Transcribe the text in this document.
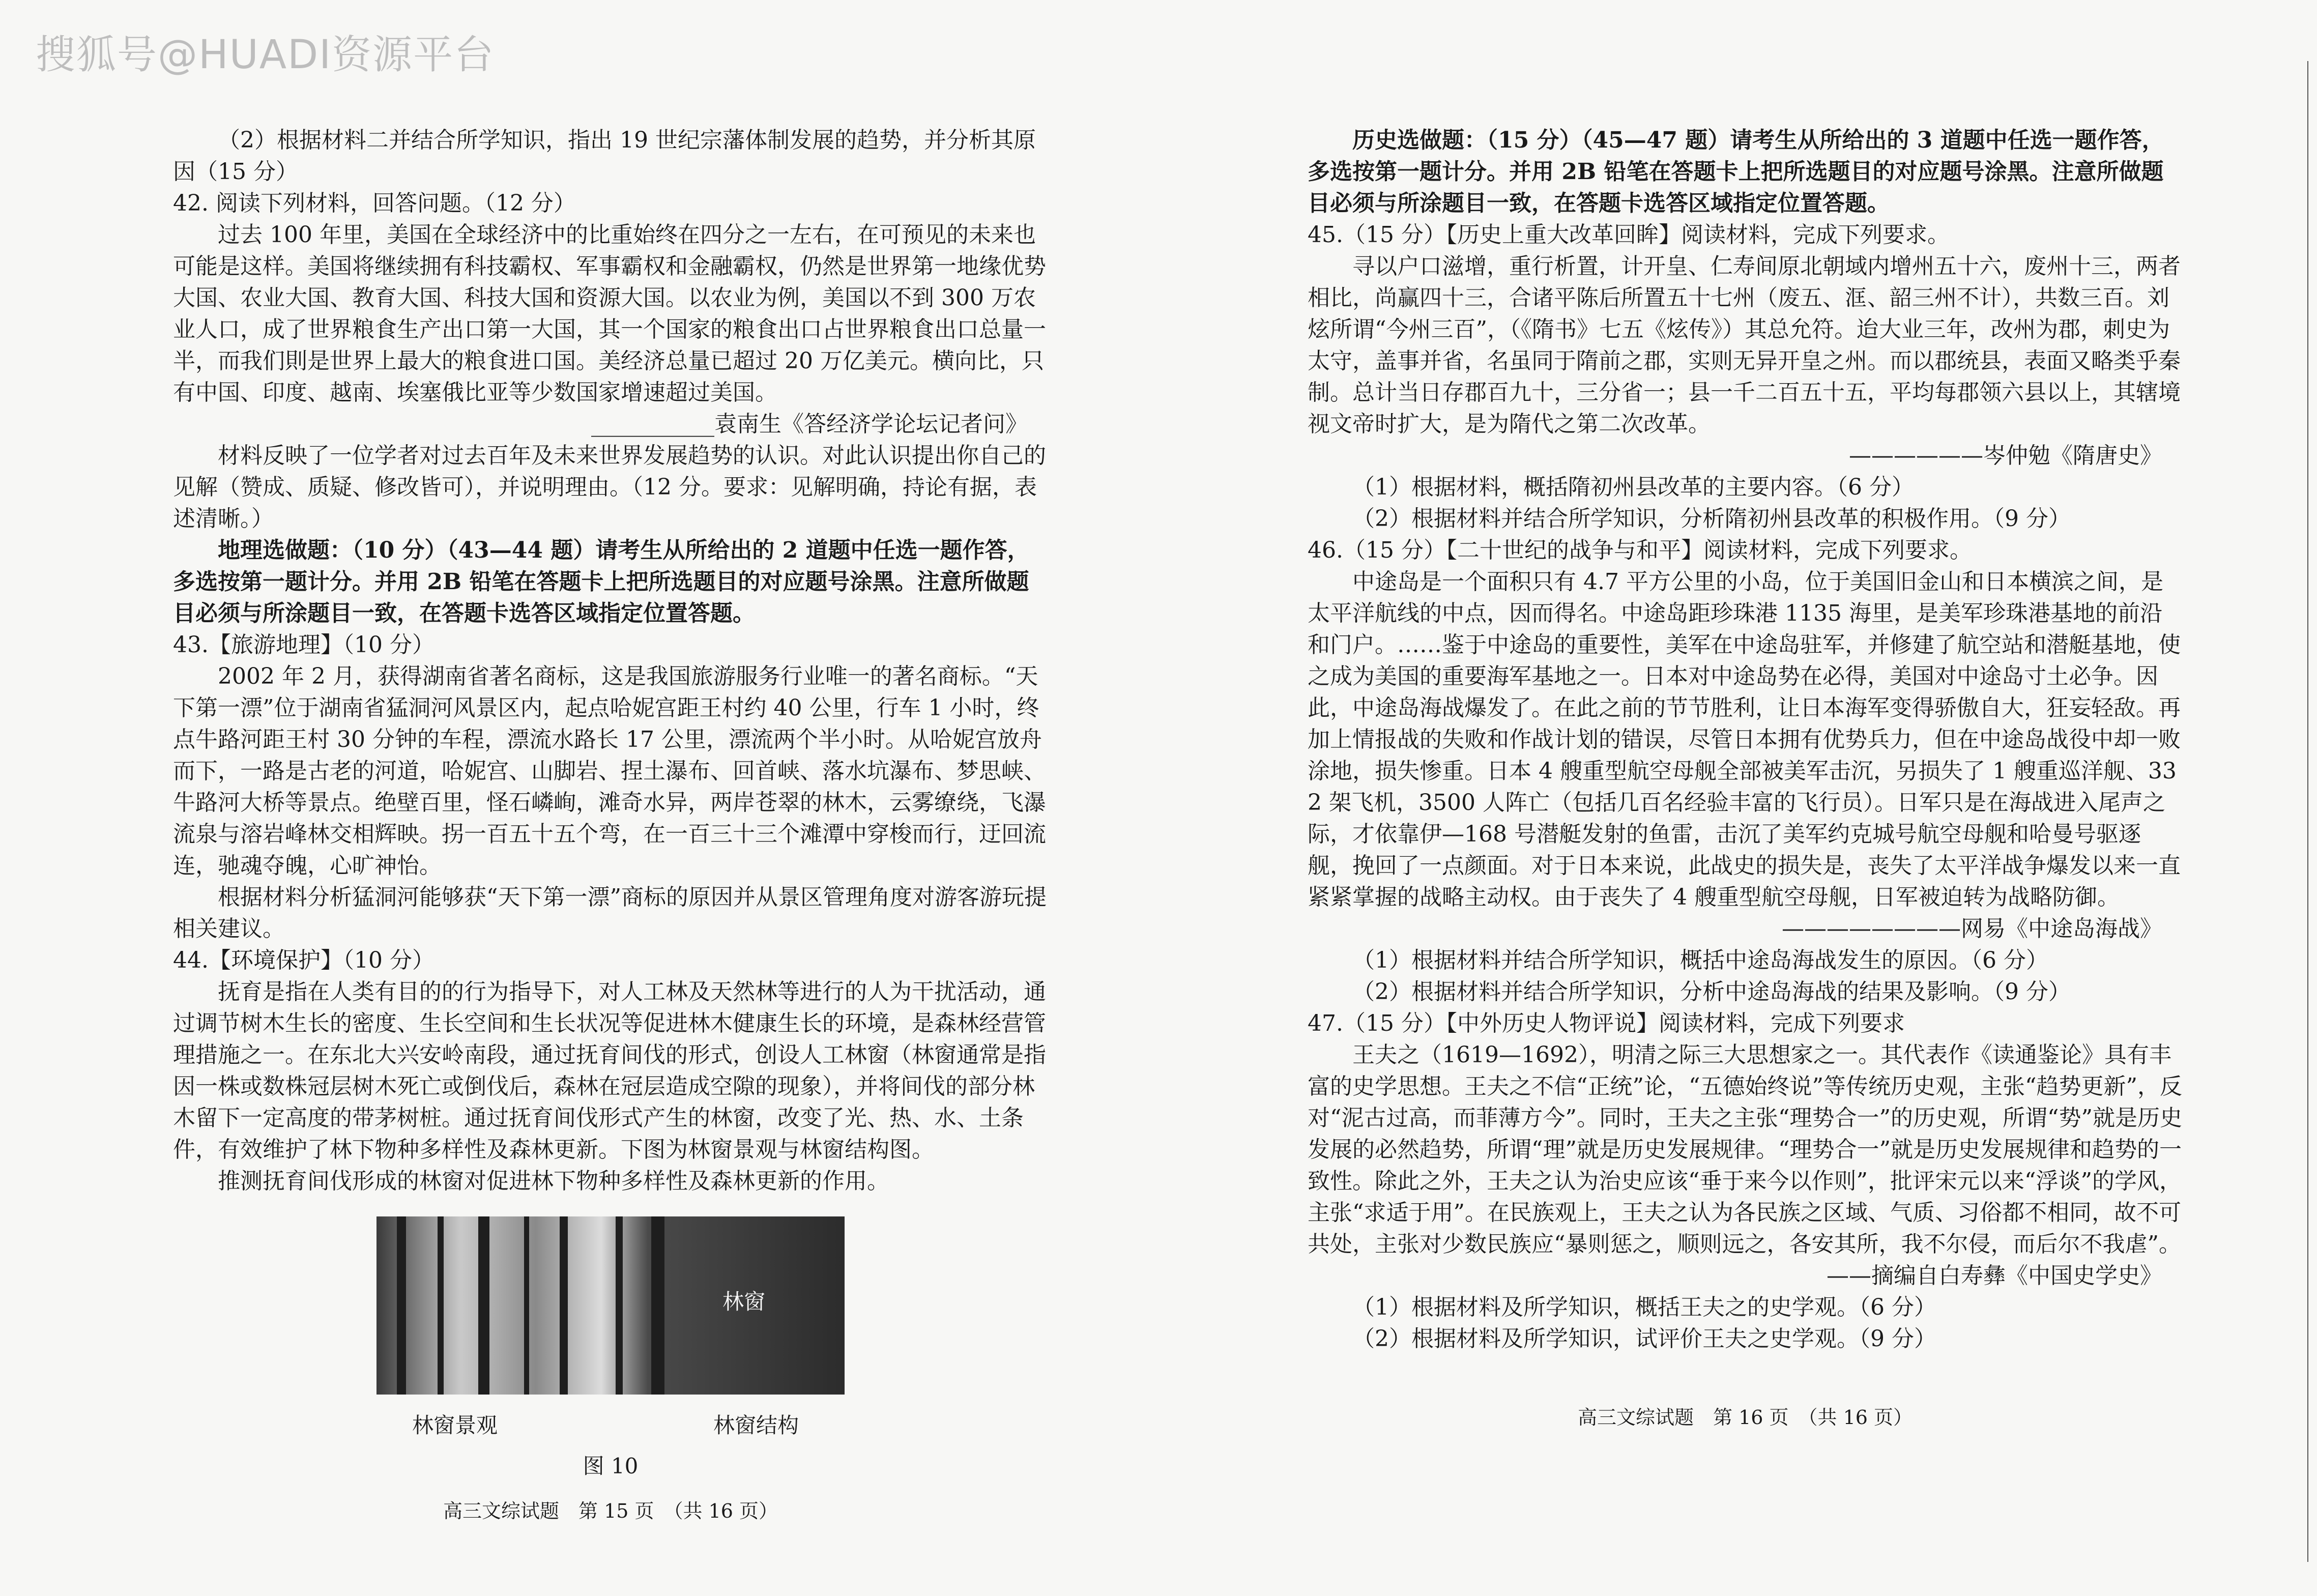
搜狐号@HUADI资源平台

（2）根据材料二并结合所学知识，指出 19 世纪宗藩体制发展的趋势，并分析其原因（15 分）

42. 阅读下列材料，回答问题。（12 分）

过去 100 年里，美国在全球经济中的比重始终在四分之一左右，在可预见的未来也可能是这样。美国将继续拥有科技霸权、军事霸权和金融霸权，仍然是世界第一地缘优势大国、农业大国、教育大国、科技大国和资源大国。以农业为例，美国以不到 300 万农业人口，成了世界粮食生产出口第一大国，其一个国家的粮食出口占世界粮食出口总量一半，而我们則是世界上最大的粮食进口国。美经济总量已超过 20 万亿美元。横向比，只有中国、印度、越南、埃塞俄比亚等少数国家增速超过美国。

___________袁南生《答经济学论坛记者问》

材料反映了一位学者对过去百年及未来世界发展趋势的认识。对此认识提出你自己的见解（赞成、质疑、修改皆可），并说明理由。（12 分。要求：见解明确，持论有据，表述清晰。）

地理选做题：（10 分）（43—44 题）请考生从所给出的 2 道题中任选一题作答，多选按第一题计分。并用 2B 铅笔在答题卡上把所选题目的对应题号涂黑。注意所做题目必须与所涂题目一致，在答题卡选答区域指定位置答题。

43.【旅游地理】（10 分）

2002 年 2 月，获得湖南省著名商标，这是我国旅游服务行业唯一的著名商标。“天下第一漂”位于湖南省猛洞河风景区内，起点哈妮宫距王村约 40 公里，行车 1 小时，终点牛路河距王村 30 分钟的车程，漂流水路长 17 公里，漂流两个半小时。从哈妮宫放舟而下，一路是古老的河道，哈妮宫、山脚岩、捏土瀑布、回首峡、落水坑瀑布、梦思峡、牛路河大桥等景点。绝壁百里，怪石嶙峋，滩奇水异，两岸苍翠的林木，云雾缭绕，飞瀑流泉与溶岩峰林交相辉映。拐一百五十五个弯，在一百三十三个滩潭中穿梭而行，迂回流连，驰魂夺魄，心旷神怡。

根据材料分析猛洞河能够获“天下第一漂”商标的原因并从景区管理角度对游客游玩提相关建议。

44.【环境保护】（10 分）

抚育是指在人类有目的的行为指导下，对人工林及天然林等进行的人为干扰活动，通过调节树木生长的密度、生长空间和生长状况等促进林木健康生长的环境，是森林经营管理措施之一。在东北大兴安岭南段，通过抚育间伐的形式，创设人工林窗（林窗通常是指因一株或数株冠层树木死亡或倒伐后，森林在冠层造成空隙的现象），并将间伐的部分林木留下一定高度的带茅树桩。通过抚育间伐形式产生的林窗，改变了光、热、水、土条件，有效维护了林下物种多样性及森林更新。下图为林窗景观与林窗结构图。

推测抚育间伐形成的林窗对促进林下物种多样性及森林更新的作用。

林窗
林窗景观	林窗结构
图 10
高三文综试题　第 15 页　（共 16 页）

历史选做题：（15 分）（45—47 题）请考生从所给出的 3 道题中任选一题作答，多选按第一题计分。并用 2B 铅笔在答题卡上把所选题目的对应题号涂黑。注意所做题目必须与所涂题目一致，在答题卡选答区域指定位置答题。

45.（15 分）【历史上重大改革回眸】阅读材料，完成下列要求。

寻以户口滋增，重行析置，计开皇、仁寿间原北朝域内增州五十六，废州十三，两者相比，尚赢四十三，合诸平陈后所置五十七州（废五、洭、韶三州不计），共数三百。刘炫所谓“今州三百”，（《隋书》七五《炫传》）其总允符。迨大业三年，改州为郡，刺史为太守，盖事并省，名虽同于隋前之郡，实则无异开皇之州。而以郡统县，表面又略类乎秦制。总计当日存郡百九十，三分省一；县一千二百五十五，平均每郡领六县以上，其辖境视文帝时扩大，是为隋代之第二次改革。

——————岑仲勉《隋唐史》

（1）根据材料，概括隋初州县改革的主要内容。（6 分）

（2）根据材料并结合所学知识，分析隋初州县改革的积极作用。（9 分）

46.（15 分）【二十世纪的战争与和平】阅读材料，完成下列要求。

中途岛是一个面积只有 4.7 平方公里的小岛，位于美国旧金山和日本横滨之间，是太平洋航线的中点，因而得名。中途岛距珍珠港 1135 海里，是美军珍珠港基地的前沿和门户。……鉴于中途岛的重要性，美军在中途岛驻军，并修建了航空站和潜艇基地，使之成为美国的重要海军基地之一。日本对中途岛势在必得，美国对中途岛寸土必争。因此，中途岛海战爆发了。在此之前的节节胜利，让日本海军变得骄傲自大，狂妄轻敌。再加上情报战的失败和作战计划的错误，尽管日本拥有优势兵力，但在中途岛战役中却一败涂地，损失惨重。日本 4 艘重型航空母舰全部被美军击沉，另损失了 1 艘重巡洋舰、332 架飞机，3500 人阵亡（包括几百名经验丰富的飞行员）。日军只是在海战进入尾声之际，才依靠伊—168 号潜艇发射的鱼雷，击沉了美军约克城号航空母舰和哈曼号驱逐舰，挽回了一点颜面。对于日本来说，此战史的损失是，丧失了太平洋战争爆发以来一直紧紧掌握的战略主动权。由于丧失了 4 艘重型航空母舰，日军被迫转为战略防御。

————————网易《中途岛海战》

（1）根据材料并结合所学知识，概括中途岛海战发生的原因。（6 分）

（2）根据材料并结合所学知识，分析中途岛海战的结果及影响。（9 分）

47.（15 分）【中外历史人物评说】阅读材料，完成下列要求

王夫之（1619—1692），明清之际三大思想家之一。其代表作《读通鉴论》具有丰富的史学思想。王夫之不信“正统”论，“五德始终说”等传统历史观，主张“趋势更新”，反对“泥古过高，而菲薄方今”。同时，王夫之主张“理势合一”的历史观，所谓“势”就是历史发展的必然趋势，所谓“理”就是历史发展规律。“理势合一”就是历史发展规律和趋势的一致性。除此之外，王夫之认为治史应该“垂于来今以作则”，批评宋元以来“浮谈”的学风，主张“求适于用”。在民族观上，王夫之认为各民族之区域、气质、习俗都不相同，故不可共处，主张对少数民族应“暴则惩之，顺则远之，各安其所，我不尔侵，而后尔不我虐”。

——摘编自白寿彝《中国史学史》

（1）根据材料及所学知识，概括王夫之的史学观。（6 分）

（2）根据材料及所学知识，试评价王夫之史学观。（9 分）

高三文综试题　第 16 页　（共 16 页）
